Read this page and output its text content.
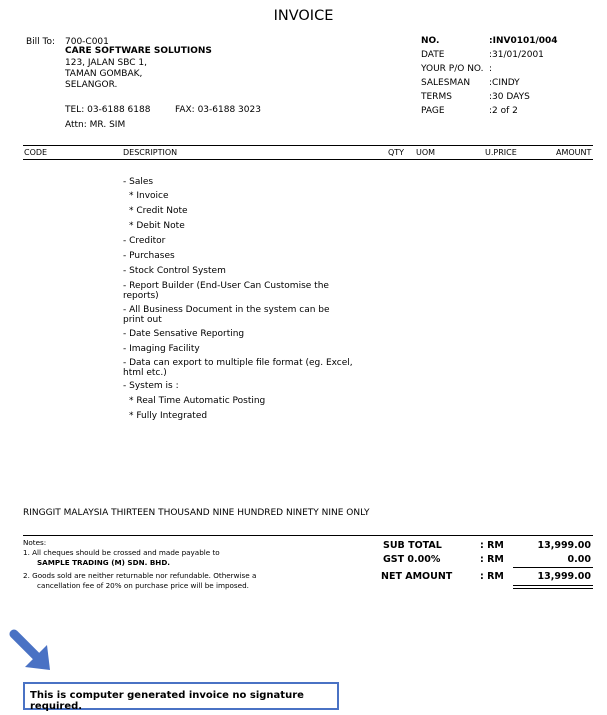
INVOICE
Bill To: 700-C001
CARE SOFTWARE SOLUTIONS
123, JALAN SBC 1,
TAMAN GOMBAK,
SELANGOR.
TEL: 03-6188 6188	FAX: 03-6188 3023
Attn: MR. SIM
NO.	:INV0101/004
DATE	:31/01/2001
YOUR P/O NO. :
SALESMAN :CINDY
TERMS	:30 DAYS
PAGE	:2 of 2
CODE	DESCRIPTION	QTY UOM	U.PRICE	AMOUNT
- Sales
* Invoice
* Credit Note
* Debit Note
- Creditor
- Purchases
- Stock Control System
- Report Builder (End-User Can Customise the reports)
- All Business Document in the system can be print out
- Date Sensative Reporting
- Imaging Facility
- Data can export to multiple file format (eg. Excel, html etc.)
- System is :
* Real Time Automatic Posting
* Fully Integrated
RINGGIT MALAYSIA THIRTEEN THOUSAND NINE HUNDRED NINETY NINE ONLY
Notes:
1. All cheques should be crossed and made payable to
SAMPLE TRADING (M) SDN. BHD.
2. Goods sold are neither returnable nor refundable. Otherwise a
cancellation fee of 20% on purchase price will be imposed.
SUB TOTAL	: RM	13,999.00
GST 0.00%	: RM	0.00
NET AMOUNT	: RM	13,999.00
This is computer generated invoice no signature required.
